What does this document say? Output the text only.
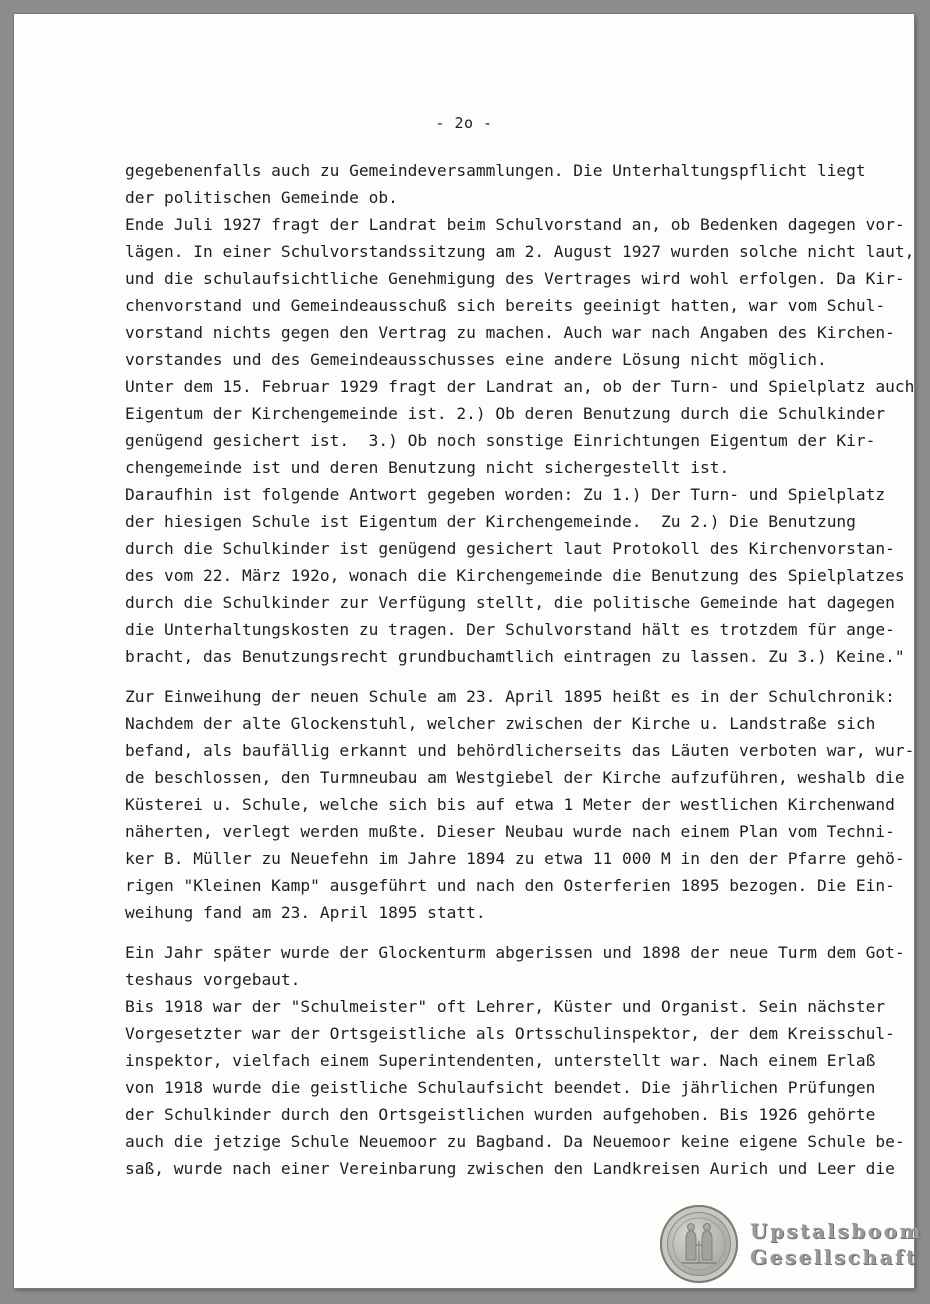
- 2o -
gegebenenfalls auch zu Gemeindeversammlungen. Die Unterhaltungspflicht liegt
der politischen Gemeinde ob.
Ende Juli 1927 fragt der Landrat beim Schulvorstand an, ob Bedenken dagegen vor-
lägen. In einer Schulvorstandssitzung am 2. August 1927 wurden solche nicht laut,
und die schulaufsichtliche Genehmigung des Vertrages wird wohl erfolgen. Da Kir-
chenvorstand und Gemeindeausschuß sich bereits geeinigt hatten, war vom Schul-
vorstand nichts gegen den Vertrag zu machen. Auch war nach Angaben des Kirchen-
vorstandes und des Gemeindeausschusses eine andere Lösung nicht möglich.
Unter dem 15. Februar 1929 fragt der Landrat an, ob der Turn- und Spielplatz auch
Eigentum der Kirchengemeinde ist. 2.) Ob deren Benutzung durch die Schulkinder
genügend gesichert ist.  3.) Ob noch sonstige Einrichtungen Eigentum der Kir-
chengemeinde ist und deren Benutzung nicht sichergestellt ist.
Daraufhin ist folgende Antwort gegeben worden: Zu 1.) Der Turn- und Spielplatz
der hiesigen Schule ist Eigentum der Kirchengemeinde.  Zu 2.) Die Benutzung
durch die Schulkinder ist genügend gesichert laut Protokoll des Kirchenvorstan-
des vom 22. März 192o, wonach die Kirchengemeinde die Benutzung des Spielplatzes
durch die Schulkinder zur Verfügung stellt, die politische Gemeinde hat dagegen
die Unterhaltungskosten zu tragen. Der Schulvorstand hält es trotzdem für ange-
bracht, das Benutzungsrecht grundbuchamtlich eintragen zu lassen. Zu 3.) Keine."
Zur Einweihung der neuen Schule am 23. April 1895 heißt es in der Schulchronik:
Nachdem der alte Glockenstuhl, welcher zwischen der Kirche u. Landstraße sich
befand, als baufällig erkannt und behördlicherseits das Läuten verboten war, wur-
de beschlossen, den Turmneubau am Westgiebel der Kirche aufzuführen, weshalb die
Küsterei u. Schule, welche sich bis auf etwa 1 Meter der westlichen Kirchenwand
näherten, verlegt werden mußte. Dieser Neubau wurde nach einem Plan vom Techni-
ker B. Müller zu Neuefehn im Jahre 1894 zu etwa 11 000 M in den der Pfarre gehö-
rigen "Kleinen Kamp" ausgeführt und nach den Osterferien 1895 bezogen. Die Ein-
weihung fand am 23. April 1895 statt.
Ein Jahr später wurde der Glockenturm abgerissen und 1898 der neue Turm dem Got-
teshaus vorgebaut.
Bis 1918 war der "Schulmeister" oft Lehrer, Küster und Organist. Sein nächster
Vorgesetzter war der Ortsgeistliche als Ortsschulinspektor, der dem Kreisschul-
inspektor, vielfach einem Superintendenten, unterstellt war. Nach einem Erlaß
von 1918 wurde die geistliche Schulaufsicht beendet. Die jährlichen Prüfungen
der Schulkinder durch den Ortsgeistlichen wurden aufgehoben. Bis 1926 gehörte
auch die jetzige Schule Neuemoor zu Bagband. Da Neuemoor keine eigene Schule be-
saß, wurde nach einer Vereinbarung zwischen den Landkreisen Aurich und Leer die
Upstalsboom
Gesellschaft
